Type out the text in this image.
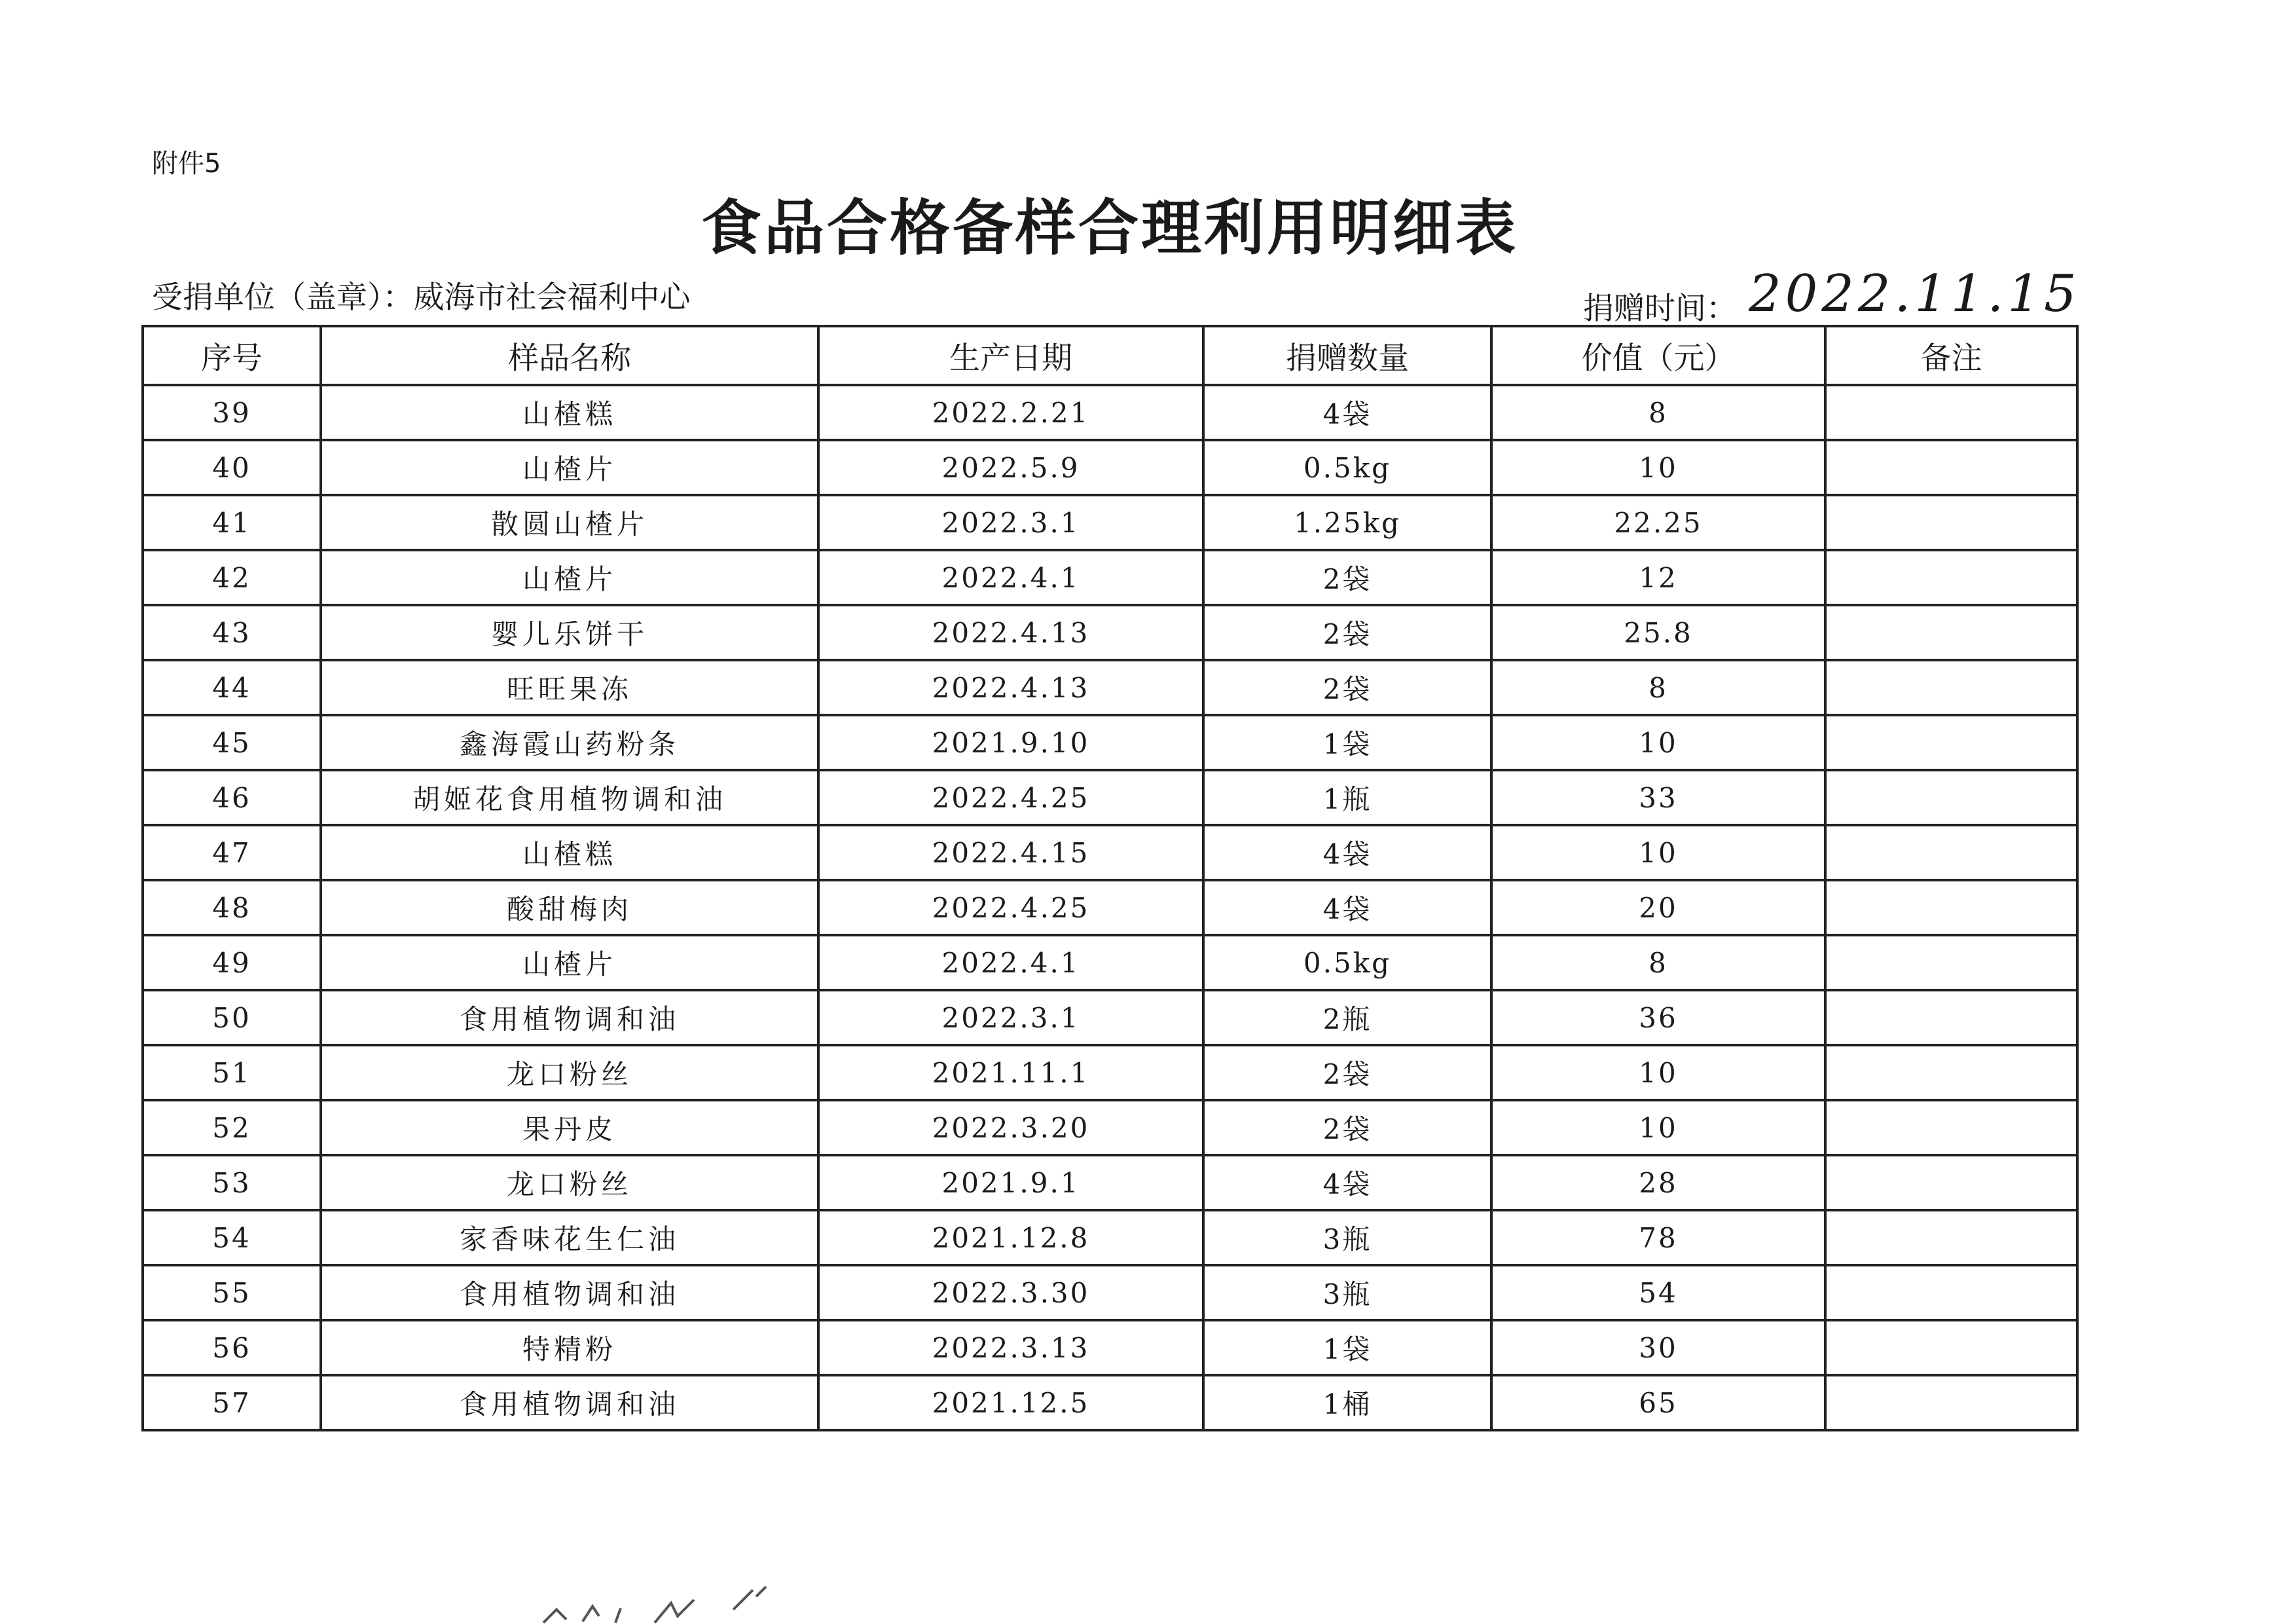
附件5
食品合格备样合理利用明细表
受捐单位（盖章）：威海市社会福利中心	捐赠时间： 2022.11.15
序号	样品名称	生产日期	捐赠数量	价值（元）	备注
39	山楂糕	2022.2.21	4袋	8	
40	山楂片	2022.5.9	0.5kg	10	
41	散圆山楂片	2022.3.1	1.25kg	22.25	
42	山楂片	2022.4.1	2袋	12	
43	婴儿乐饼干	2022.4.13	2袋	25.8	
44	旺旺果冻	2022.4.13	2袋	8	
45	鑫海霞山药粉条	2021.9.10	1袋	10	
46	胡姬花食用植物调和油	2022.4.25	1瓶	33	
47	山楂糕	2022.4.15	4袋	10	
48	酸甜梅肉	2022.4.25	4袋	20	
49	山楂片	2022.4.1	0.5kg	8	
50	食用植物调和油	2022.3.1	2瓶	36	
51	龙口粉丝	2021.11.1	2袋	10	
52	果丹皮	2022.3.20	2袋	10	
53	龙口粉丝	2021.9.1	4袋	28	
54	家香味花生仁油	2021.12.8	3瓶	78	
55	食用植物调和油	2022.3.30	3瓶	54	
56	特精粉	2022.3.13	1袋	30	
57	食用植物调和油	2021.12.5	1桶	65	
